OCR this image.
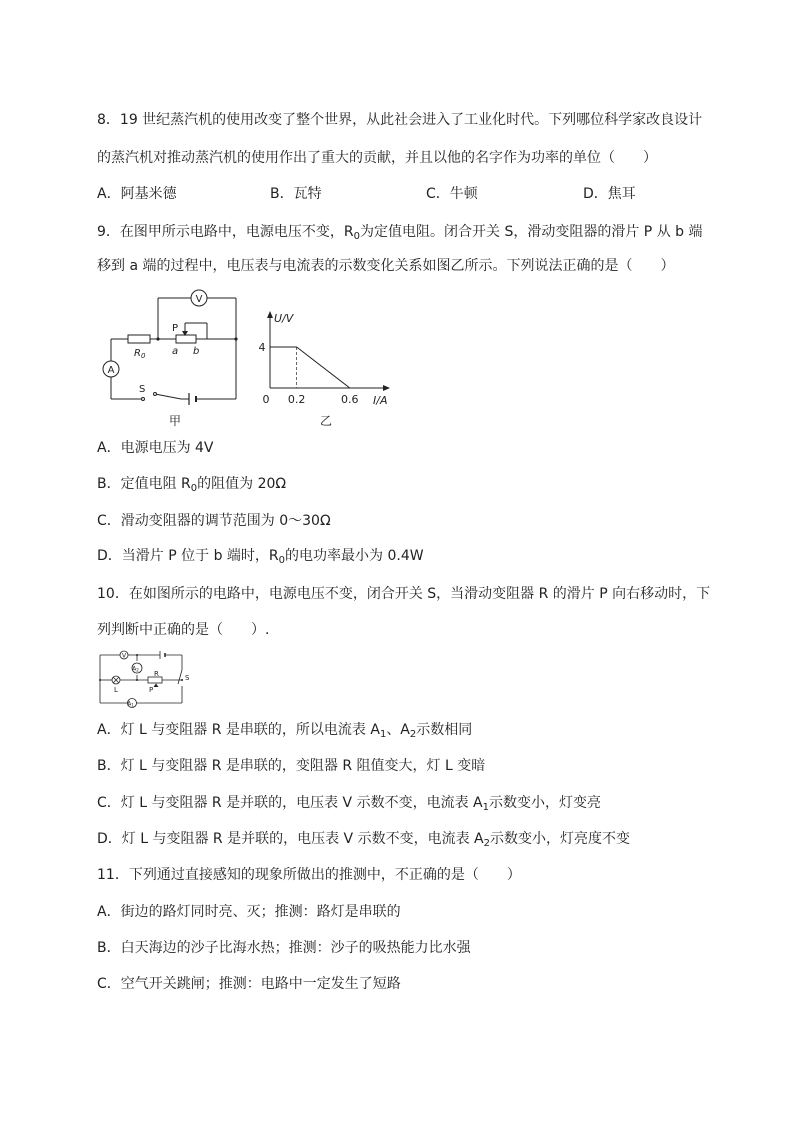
8．19 世纪蒸汽机的使用改变了整个世界，从此社会进入了工业化时代。下列哪位科学家改良设计
的蒸汽机对推动蒸汽机的使用作出了重大的贡献，并且以他的名字作为功率的单位（　　）
A．阿基米德	B．瓦特	C．牛顿	D．焦耳
9．在图甲所示电路中，电源电压不变，$R_0$为定值电阻。闭合开关 S，滑动变阻器的滑片 P 从 b 端
移到 a 端的过程中，电压表与电流表的示数变化关系如图乙所示。下列说法正确的是（　　）
V
A
$R_0$
P
a b
S
甲
U/V
I/A
0
4
0.2	0.6
乙
A．电源电压为 4V
B．定值电阻 $R_0$的阻值为 20Ω
C．滑动变阻器的调节范围为 0～30Ω
D．当滑片 P 位于 b 端时，$R_0$的电功率最小为 0.4W
10．在如图所示的电路中，电源电压不变，闭合开关 S，当滑动变阻器 R 的滑片 P 向右移动时，下
列判断中正确的是（　　）.
V
A2
A1
L
R
P
S
A．灯 L 与变阻器 R 是串联的，所以电流表 $A_1$、$A_2$示数相同
B．灯 L 与变阻器 R 是串联的，变阻器 R 阻值变大，灯 L 变暗
C．灯 L 与变阻器 R 是并联的，电压表 V 示数不变，电流表 $A_1$示数变小，灯变亮
D．灯 L 与变阻器 R 是并联的，电压表 V 示数不变，电流表 $A_2$示数变小，灯亮度不变
11．下列通过直接感知的现象所做出的推测中，不正确的是（　　）
A．街边的路灯同时亮、灭；推测：路灯是串联的
B．白天海边的沙子比海水热；推测：沙子的吸热能力比水强
C．空气开关跳闸；推测：电路中一定发生了短路
